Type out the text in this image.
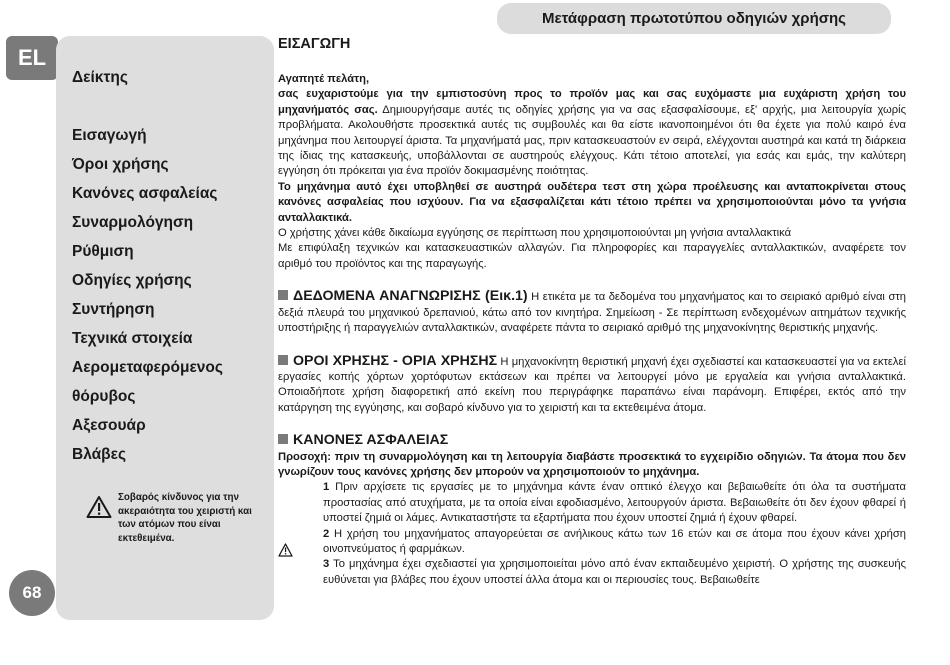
Μετάφραση πρωτοτύπου οδηγιών χρήσης
EL
Δείκτης
Εισαγωγή
Όροι χρήσης
Κανόνες ασφαλείας
Συναρμολόγηση
Ρύθμιση
Οδηγίες χρήσης
Συντήρηση
Τεχνικά στοιχεία
Αερομεταφερόμενος
θόρυβος
Αξεσουάρ
Βλάβες
Σοβαρός κίνδυνος για την ακεραιότητα του χειριστή και των ατόμων που είναι εκτεθειμένα.
68

ΕΙΣΑΓΩΓΗ

Αγαπητέ πελάτη,

σας ευχαριστούμε για την εμπιστοσύνη προς το προϊόν μας και σας ευχόμαστε μια ευχάριστη χρήση του μηχανήματός σας. Δημιουργήσαμε αυτές τις οδηγίες χρήσης για να σας εξασφαλίσουμε, εξ' αρχής, μια λειτουργία χωρίς προβλήματα. Ακολουθήστε προσεκτικά αυτές τις συμβουλές και θα είστε ικανοποιημένοι ότι θα έχετε για πολύ καιρό ένα μηχάνημα που λειτουργεί άριστα. Τα μηχανήματά μας, πριν κατασκευαστούν εν σειρά, ελέγχονται αυστηρά και κατά τη διάρκεια της ίδιας της κατασκευής, υποβάλλονται σε αυστηρούς ελέγχους. Κάτι τέτοιο αποτελεί, για εσάς και εμάς, την καλύτερη εγγύηση ότι πρόκειται για ένα προϊόν δοκιμασμένης ποιότητας.

Το μηχάνημα αυτό έχει υποβληθεί σε αυστηρά ουδέτερα τεστ στη χώρα προέλευσης και ανταποκρίνεται στους κανόνες ασφαλείας που ισχύουν. Για να εξασφαλίζεται κάτι τέτοιο πρέπει να χρησιμοποιούνται μόνο τα γνήσια ανταλλακτικά.

Ο χρήστης χάνει κάθε δικαίωμα εγγύησης σε περίπτωση που χρησιμοποιούνται μη γνήσια ανταλλακτικά

Με επιφύλαξη τεχνικών και κατασκευαστικών αλλαγών. Για πληροφορίες και παραγγελίες ανταλλακτικών, αναφέρετε τον αριθμό του προϊόντος και της παραγωγής.

ΔΕΔΟΜΕΝΑ ΑΝΑΓΝΩΡΙΣΗΣ (Εικ.1) Η ετικέτα με τα δεδομένα του μηχανήματος και το σειριακό αριθμό είναι στη δεξιά πλευρά του μηχανικού δρεπανιού, κάτω από τον κινητήρα. Σημείωση - Σε περίπτωση ενδεχομένων αιτημάτων τεχνικής υποστήριξης ή παραγγελιών ανταλλακτικών, αναφέρετε πάντα το σειριακό αριθμό της μηχανοκίνητης θεριστικής μηχανής.

ΟΡΟΙ ΧΡΗΣΗΣ - ΟΡΙΑ ΧΡΗΣΗΣ Η μηχανοκίνητη θεριστική μηχανή έχει σχεδιαστεί και κατασκευαστεί για να εκτελεί εργασίες κοπής χόρτων χορτόφυτων εκτάσεων και πρέπει να λειτουργεί μόνο με εργαλεία και γνήσια ανταλλακτικά. Οποιαδήποτε χρήση διαφορετική από εκείνη που περιγράφηκε παραπάνω είναι παράνομη. Επιφέρει, εκτός από την κατάργηση της εγγύησης, και σοβαρό κίνδυνο για το χειριστή και τα εκτεθειμένα άτομα.

ΚΑΝΟΝΕΣ ΑΣΦΑΛΕΙΑΣ

Προσοχή: πριν τη συναρμολόγηση και τη λειτουργία διαβάστε προσεκτικά το εγχειρίδιο οδηγιών. Τα άτομα που δεν γνωρίζουν τους κανόνες χρήσης δεν μπορούν να χρησιμοποιούν το μηχάνημα.

1 Πριν αρχίσετε τις εργασίες με το μηχάνημα κάντε έναν οπτικό έλεγχο και βεβαιωθείτε ότι όλα τα συστήματα προστασίας από ατυχήματα, με τα οποία είναι εφοδιασμένο, λειτουργούν άριστα. Βεβαιωθείτε ότι δεν έχουν φθαρεί ή υποστεί ζημιά οι λάμες. Αντικαταστήστε τα εξαρτήματα που έχουν υποστεί ζημιά ή έχουν φθαρεί.

2 Η χρήση του μηχανήματος απαγορεύεται σε ανήλικους κάτω των 16 ετών και σε άτομα που έχουν κάνει χρήση οινοπνεύματος ή φαρμάκων.

3 Το μηχάνημα έχει σχεδιαστεί για χρησιμοποιείται μόνο από έναν εκπαιδευμένο χειριστή. Ο χρήστης της συσκευής ευθύνεται για βλάβες που έχουν υποστεί άλλα άτομα και οι περιουσίες τους. Βεβαιωθείτε
